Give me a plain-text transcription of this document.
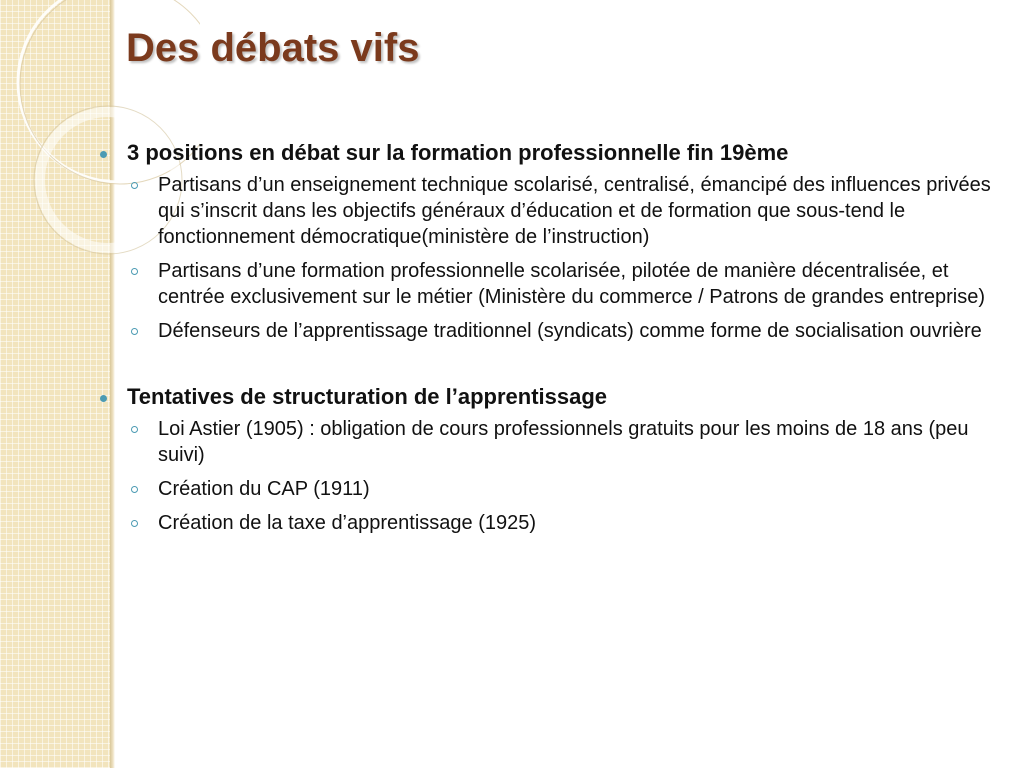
Des débats vifs

3 positions en débat sur la formation professionnelle fin 19ème

Partisans d’un enseignement technique scolarisé, centralisé, émancipé des influences privées qui s’inscrit dans les objectifs généraux d’éducation et de formation que sous-tend le fonctionnement démocratique(ministère de l’instruction)
Partisans d’une formation professionnelle scolarisée, pilotée de manière décentralisée, et centrée exclusivement sur le métier (Ministère du commerce / Patrons de grandes entreprise)
Défenseurs de l’apprentissage traditionnel (syndicats) comme forme de socialisation ouvrière

Tentatives de structuration de l’apprentissage

Loi Astier (1905) : obligation de cours professionnels gratuits pour les moins de 18 ans (peu suivi)
Création du CAP (1911)
Création de la taxe d’apprentissage (1925)
